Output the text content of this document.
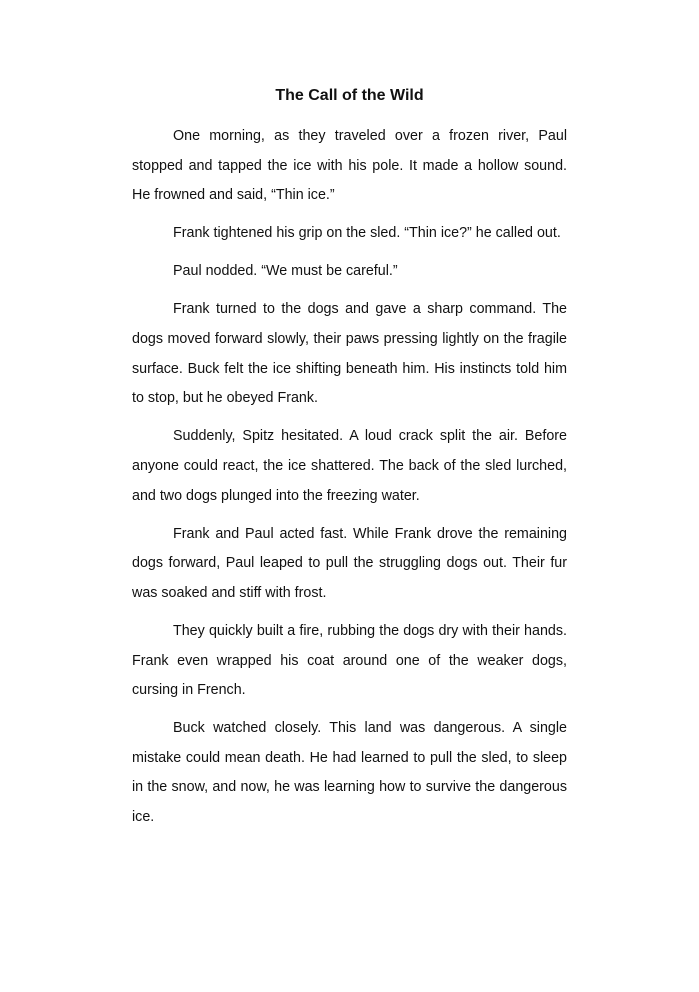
The Call of the Wild

One morning, as they traveled over a frozen river, Paul stopped and tapped the ice with his pole. It made a hollow sound. He frowned and said, “Thin ice.”

Frank tightened his grip on the sled. “Thin ice?” he called out.

Paul nodded. “We must be careful.”

Frank turned to the dogs and gave a sharp command. The dogs moved forward slowly, their paws pressing lightly on the fragile surface. Buck felt the ice shifting beneath him. His instincts told him to stop, but he obeyed Frank.

Suddenly, Spitz hesitated. A loud crack split the air. Before anyone could react, the ice shattered. The back of the sled lurched, and two dogs plunged into the freezing water.

Frank and Paul acted fast. While Frank drove the remaining dogs forward, Paul leaped to pull the struggling dogs out. Their fur was soaked and stiff with frost.

They quickly built a fire, rubbing the dogs dry with their hands. Frank even wrapped his coat around one of the weaker dogs, cursing in French.

Buck watched closely. This land was dangerous. A single mistake could mean death. He had learned to pull the sled, to sleep in the snow, and now, he was learning how to survive the dangerous ice.
